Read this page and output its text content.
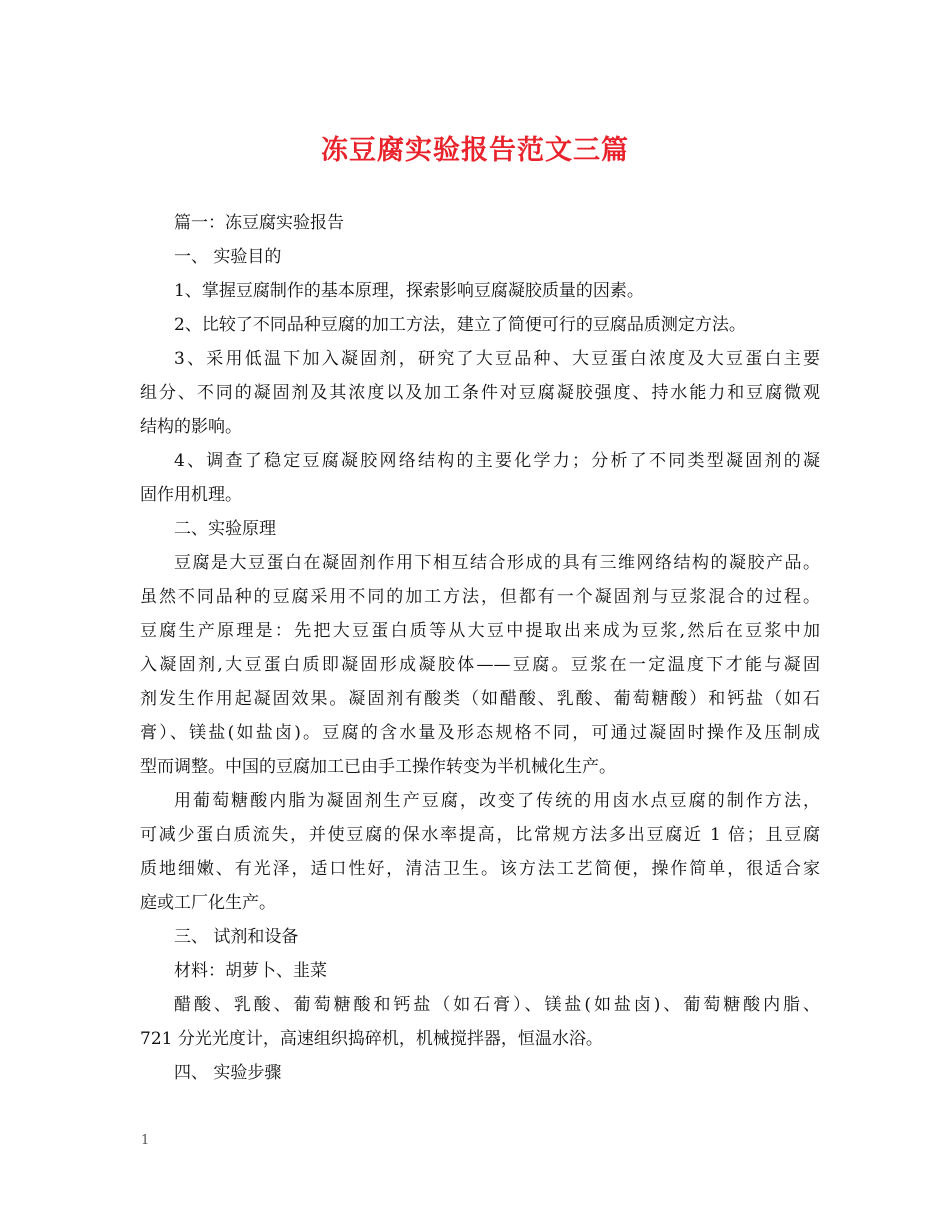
冻豆腐实验报告范文三篇
篇一：冻豆腐实验报告
一、 实验目的
1、掌握豆腐制作的基本原理，探索影响豆腐凝胶质量的因素。
2、比较了不同品种豆腐的加工方法，建立了简便可行的豆腐品质测定方法。
3、采用低温下加入凝固剂，研究了大豆品种、大豆蛋白浓度及大豆蛋白主要
组分、不同的凝固剂及其浓度以及加工条件对豆腐凝胶强度、持水能力和豆腐微观
结构的影响。
4、调查了稳定豆腐凝胶网络结构的主要化学力；分析了不同类型凝固剂的凝
固作用机理。
二、实验原理
豆腐是大豆蛋白在凝固剂作用下相互结合形成的具有三维网络结构的凝胶产品。
虽然不同品种的豆腐采用不同的加工方法，但都有一个凝固剂与豆浆混合的过程。
豆腐生产原理是：先把大豆蛋白质等从大豆中提取出来成为豆浆,然后在豆浆中加
入凝固剂,大豆蛋白质即凝固形成凝胶体——豆腐。豆浆在一定温度下才能与凝固
剂发生作用起凝固效果。凝固剂有酸类（如醋酸、乳酸、葡萄糖酸）和钙盐（如石
膏）、镁盐(如盐卤)。豆腐的含水量及形态规格不同，可通过凝固时操作及压制成
型而调整。中国的豆腐加工已由手工操作转变为半机械化生产。
用葡萄糖酸内脂为凝固剂生产豆腐，改变了传统的用卤水点豆腐的制作方法，
可减少蛋白质流失，并使豆腐的保水率提高，比常规方法多出豆腐近 1 倍；且豆腐
质地细嫩、有光泽，适口性好，清洁卫生。该方法工艺简便，操作简单，很适合家
庭或工厂化生产。
三、 试剂和设备
材料：胡萝卜、韭菜
醋酸、乳酸、葡萄糖酸和钙盐（如石膏）、镁盐(如盐卤)、葡萄糖酸内脂、
721 分光光度计，高速组织捣碎机，机械搅拌器，恒温水浴。
四、 实验步骤
1
